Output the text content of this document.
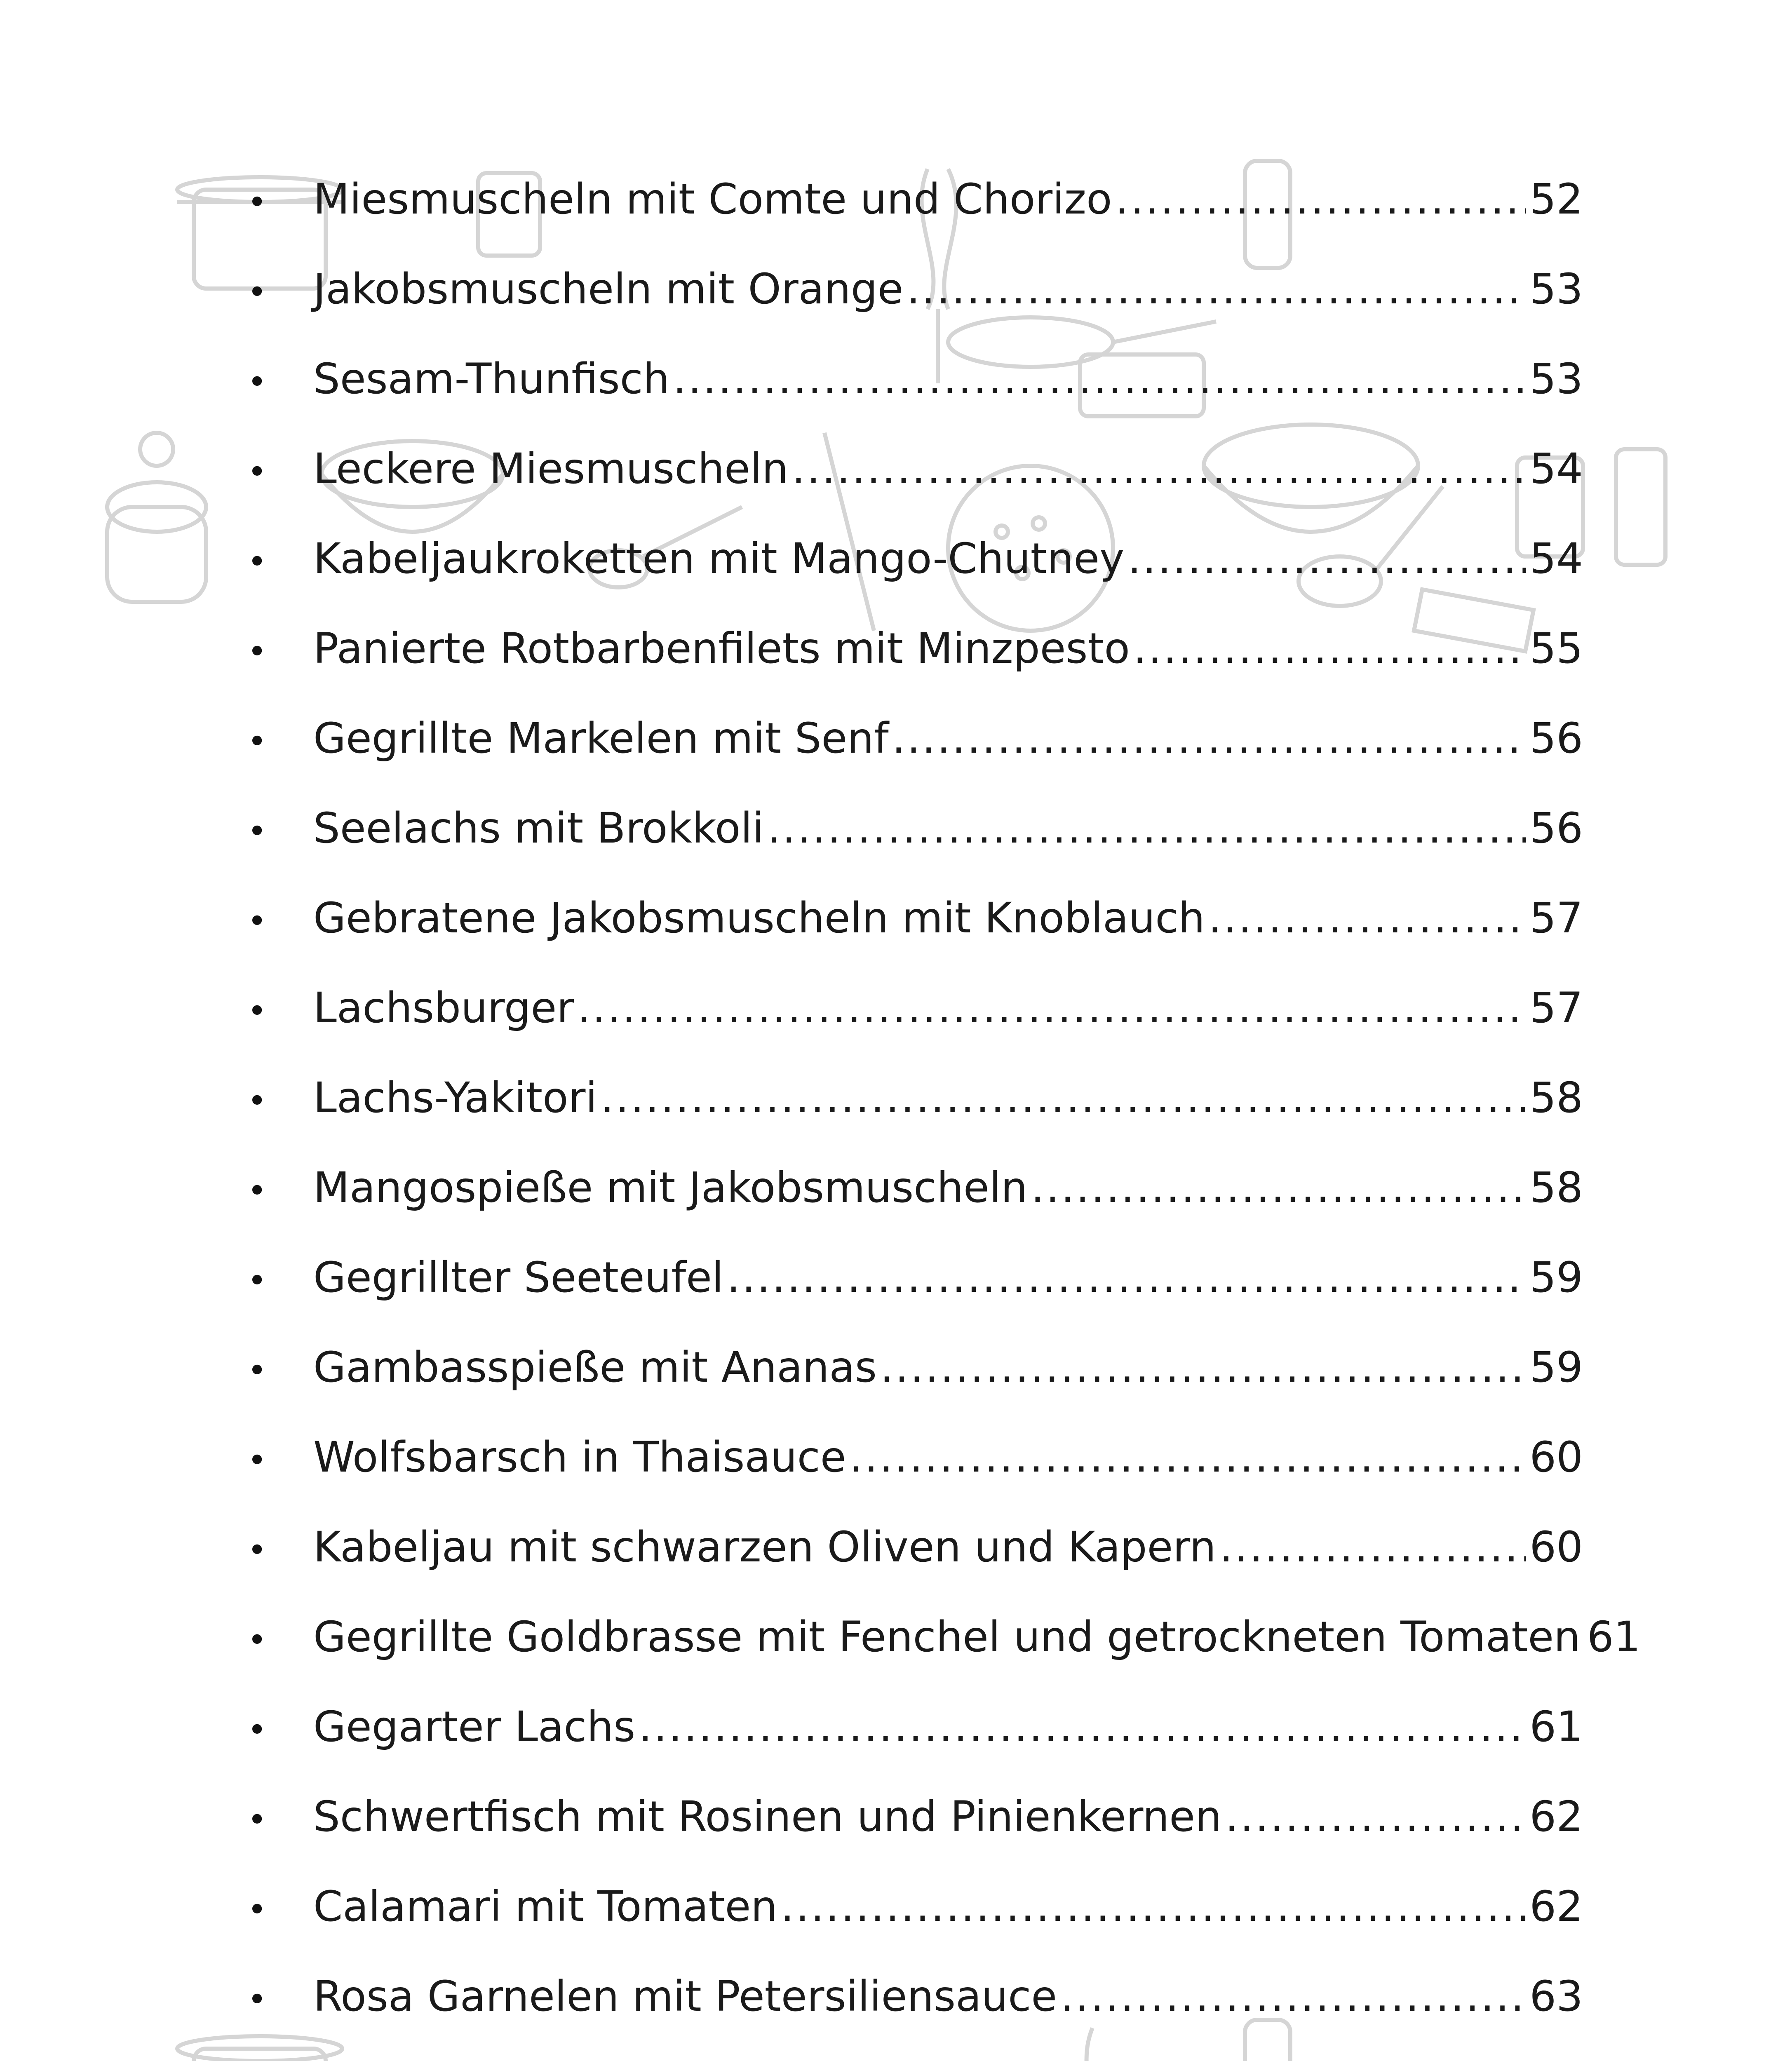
•	Miesmuscheln mit Comte und Chorizo .....	52
•	Jakobsmuscheln mit Orange .....	53
•	Sesam-Thunfisch .....	53
•	Leckere Miesmuscheln .....	54
•	Kabeljaukroketten mit Mango-Chutney .....	54
•	Panierte Rotbarbenfilets mit Minzpesto .....	55
•	Gegrillte Markelen mit Senf .....	56
•	Seelachs mit Brokkoli .....	56
•	Gebratene Jakobsmuscheln mit Knoblauch .....	57
•	Lachsburger .....	57
•	Lachs-Yakitori .....	58
•	Mangospieße mit Jakobsmuscheln .....	58
•	Gegrillter Seeteufel .....	59
•	Gambasspieße mit Ananas .....	59
•	Wolfsbarsch in Thaisauce .....	60
•	Kabeljau mit schwarzen Oliven und Kapern .....	60
•	Gegrillte Goldbrasse mit Fenchel und getrockneten Tomaten 61
•	Gegarter Lachs .....	61
•	Schwertfisch mit Rosinen und Pinienkernen .....	62
•	Calamari mit Tomaten .....	62
•	Rosa Garnelen mit Petersiliensauce .....	63
.....
